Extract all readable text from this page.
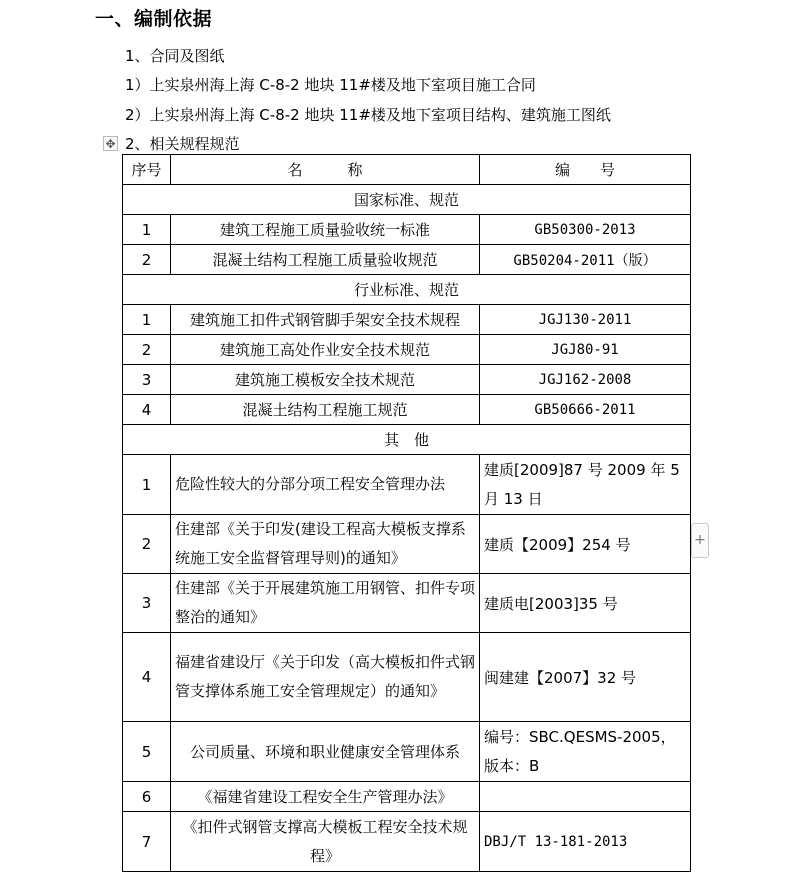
一、编制依据
1、合同及图纸
1）上实泉州海上海 C-8-2 地块 11#楼及地下室项目施工合同
2）上实泉州海上海 C-8-2 地块 11#楼及地下室项目结构、建筑施工图纸
2、相关规程规范
✥
+
序号	名　　　称	编　　号
国家标准、规范		
1	建筑工程施工质量验收统一标准	GB50300-2013
2	混凝土结构工程施工质量验收规范	GB50204-2011（版）
行业标准、规范		
1	建筑施工扣件式钢管脚手架安全技术规程	JGJ130-2011
2	建筑施工高处作业安全技术规范	JGJ80-91
3	建筑施工模板安全技术规范	JGJ162-2008
4	混凝土结构工程施工规范	GB50666-2011
其　他		
1	危险性较大的分部分项工程安全管理办法	建质[2009]87 号 2009 年 5 月 13 日
2	住建部《关于印发(建设工程高大模板支撑系统施工安全监督管理导则)的通知》	建质【2009】254 号
3	住建部《关于开展建筑施工用钢管、扣件专项整治的通知》	建质电[2003]35 号
4	福建省建设厅《关于印发（高大模板扣件式钢管支撑体系施工安全管理规定）的通知》	闽建建【2007】32 号
5	公司质量、环境和职业健康安全管理体系	编号：SBC.QESMS-2005，版本：B
6	《福建省建设工程安全生产管理办法》	
7	《扣件式钢管支撑高大模板工程安全技术规程》	DBJ/T 13-181-2013
